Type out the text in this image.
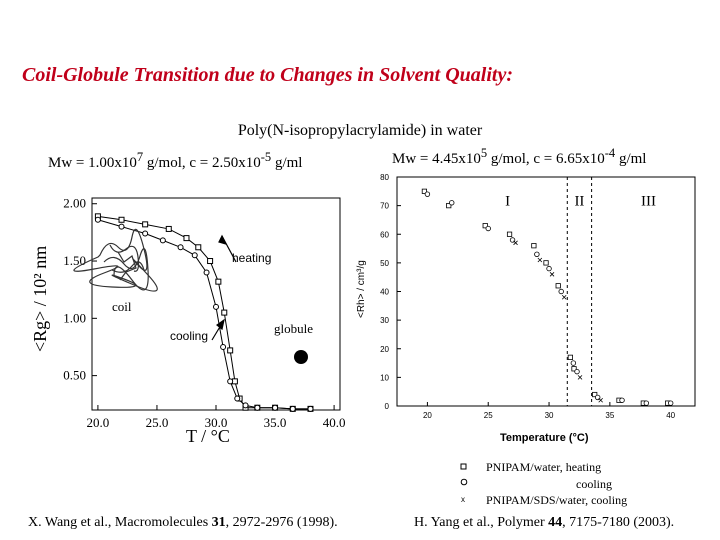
Coil-Globule Transition due to Changes in Solvent Quality:
Poly(N-isopropylacrylamide) in water
$Mw = 1.00x10^7$ g/mol, $c = 2.50x10^{-5}$ g/ml	$Mw = 4.45x10^5$ g/mol, $c = 6.65x10^{-4}$ g/ml
20.0	25.0	30.0	35.0	40.0
0.50
1.00
1.50
2.00
heating
cooling
coil
globule
<Rg> / 10² nm
T / °C
20	25	30	35	40
0
10
20
30
40
50
60
70
80
I	II	III
<Rh> / cm³/g
Temperature (°C)
x
PNIPAM/water, heating
cooling
PNIPAM/SDS/water, cooling
X. Wang et al., Macromolecules 31, 2972-2976 (1998).	H. Yang et al., Polymer 44, 7175-7180 (2003).
